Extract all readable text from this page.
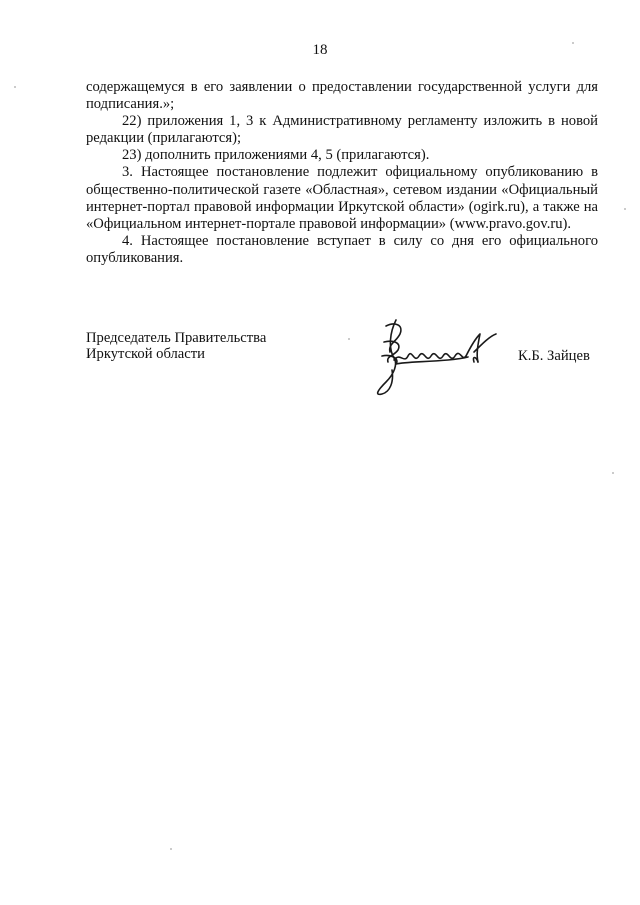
18

содержащемуся в его заявлении о предоставлении государственной услуги для подписания.»;

22) приложения 1, 3 к Административному регламенту изложить в новой редакции (прилагаются);

23) дополнить приложениями 4, 5 (прилагаются).

3. Настоящее постановление подлежит официальному опубликованию в общественно-политической газете «Областная», сетевом издании «Официальный интернет-портал правовой информации Иркутской области» (ogirk.ru), а также на «Официальном интернет-портале правовой информации» (www.pravo.gov.ru).

4. Настоящее постановление вступает в силу со дня его официального опубликования.

Председатель Правительства
Иркутской области	К.Б. Зайцев
